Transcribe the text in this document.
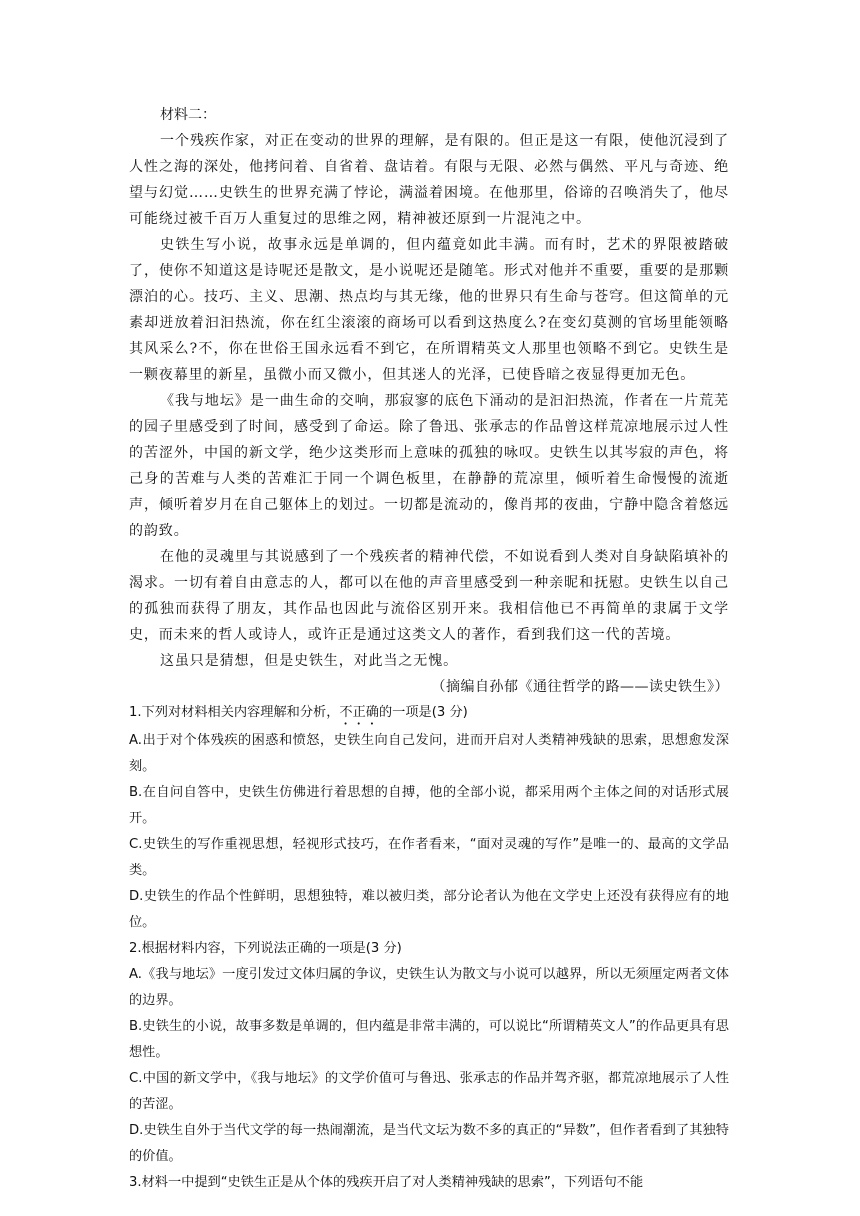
材料二：

一个残疾作家，对正在变动的世界的理解，是有限的。但正是这一有限，使他沉浸到了人性之海的深处，他拷问着、自省着、盘诘着。有限与无限、必然与偶然、平凡与奇迹、绝望与幻觉……史铁生的世界充满了悖论，满溢着困境。在他那里，俗谛的召唤消失了，他尽可能绕过被千百万人重复过的思维之网，精神被还原到一片混沌之中。

史铁生写小说，故事永远是单调的，但内蕴竟如此丰满。而有时，艺术的界限被踏破了，使你不知道这是诗呢还是散文，是小说呢还是随笔。形式对他并不重要，重要的是那颗漂泊的心。技巧、主义、思潮、热点均与其无缘，他的世界只有生命与苍穹。但这简单的元素却迸放着汩汩热流，你在红尘滚滚的商场可以看到这热度么?在变幻莫测的官场里能领略其风采么?不，你在世俗王国永远看不到它，在所谓精英文人那里也领略不到它。史铁生是一颗夜幕里的新星，虽微小而又微小，但其迷人的光泽，已使昏暗之夜显得更加无色。

《我与地坛》是一曲生命的交响，那寂寥的底色下涌动的是汩汩热流，作者在一片荒芜的园子里感受到了时间，感受到了命运。除了鲁迅、张承志的作品曾这样荒凉地展示过人性的苦涩外，中国的新文学，绝少这类形而上意味的孤独的咏叹。史铁生以其岑寂的声色，将己身的苦难与人类的苦难汇于同一个调色板里，在静静的荒凉里，倾听着生命慢慢的流逝声，倾听着岁月在自己躯体上的划过。一切都是流动的，像肖邦的夜曲，宁静中隐含着悠远的韵致。

在他的灵魂里与其说感到了一个残疾者的精神代偿，不如说看到人类对自身缺陷填补的渴求。一切有着自由意志的人，都可以在他的声音里感受到一种亲昵和抚慰。史铁生以自己的孤独而获得了朋友，其作品也因此与流俗区别开来。我相信他已不再简单的隶属于文学史，而未来的哲人或诗人，或许正是通过这类文人的著作，看到我们这一代的苦境。

这虽只是猜想，但是史铁生，对此当之无愧。

（摘编自孙郁《通往哲学的路——读史铁生》）

1.下列对材料相关内容理解和分析，不正确的一项是(3 分)

A.出于对个体残疾的困惑和愤怒，史铁生向自己发问，进而开启对人类精神残缺的思索，思想愈发深刻。

B.在自问自答中，史铁生仿佛进行着思想的自搏，他的全部小说，都采用两个主体之间的对话形式展开。

C.史铁生的写作重视思想，轻视形式技巧，在作者看来，“面对灵魂的写作”是唯一的、最高的文学品类。

D.史铁生的作品个性鲜明，思想独特，难以被归类，部分论者认为他在文学史上还没有获得应有的地位。

2.根据材料内容，下列说法正确的一项是(3 分)

A.《我与地坛》一度引发过文体归属的争议，史铁生认为散文与小说可以越界，所以无须厘定两者文体的边界。

B.史铁生的小说，故事多数是单调的，但内蕴是非常丰满的，可以说比“所谓精英文人”的作品更具有思想性。

C.中国的新文学中，《我与地坛》的文学价值可与鲁迅、张承志的作品并驾齐驱，都荒凉地展示了人性的苦涩。

D.史铁生自外于当代文学的每一热闹潮流，是当代文坛为数不多的真正的“异数”，但作者看到了其独特的价值。

3.材料一中提到“史铁生正是从个体的残疾开启了对人类精神残缺的思索”，下列语句不能
